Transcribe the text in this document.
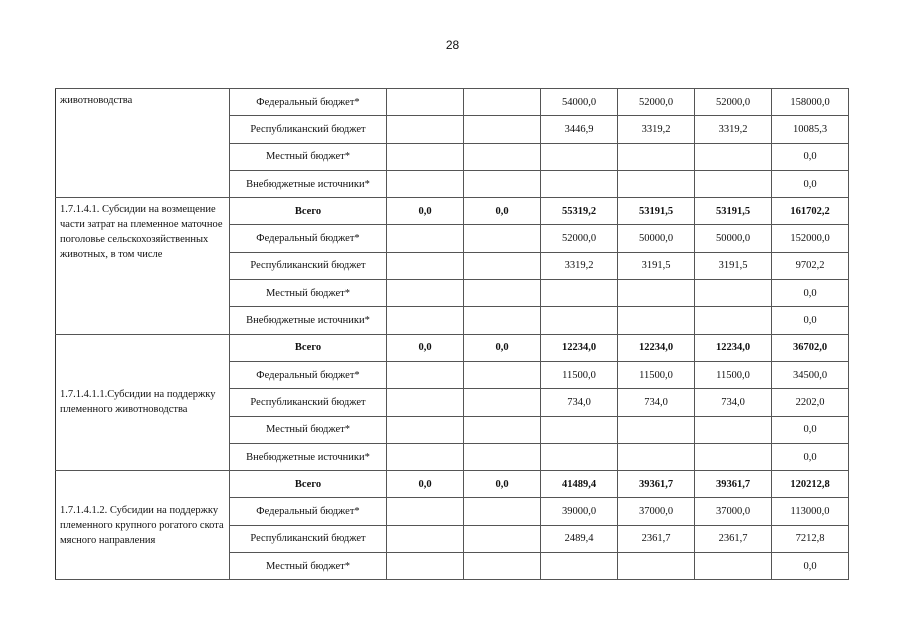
28
животноводства	Федеральный бюджет*			54000,0	52000,0	52000,0	158000,0
	Республиканский бюджет			3446,9	3319,2	3319,2	10085,3
	Местный бюджет*						0,0
	Внебюджетные источники*						0,0
1.7.1.4.1. Субсидии на возмещение части затрат на племенное маточное поголовье сельскохозяйственных животных, в том числе	Всего	0,0	0,0	55319,2	53191,5	53191,5	161702,2
	Федеральный бюджет*			52000,0	50000,0	50000,0	152000,0
	Республиканский бюджет			3319,2	3191,5	3191,5	9702,2
	Местный бюджет*						0,0
	Внебюджетные источники*						0,0
1.7.1.4.1.1.Субсидии на поддержку племенного животноводства	Всего	0,0	0,0	12234,0	12234,0	12234,0	36702,0
	Федеральный бюджет*			11500,0	11500,0	11500,0	34500,0
	Республиканский бюджет			734,0	734,0	734,0	2202,0
	Местный бюджет*						0,0
	Внебюджетные источники*						0,0
1.7.1.4.1.2. Субсидии на поддержку племенного крупного рогатого скота мясного направления	Всего	0,0	0,0	41489,4	39361,7	39361,7	120212,8
	Федеральный бюджет*			39000,0	37000,0	37000,0	113000,0
	Республиканский бюджет			2489,4	2361,7	2361,7	7212,8
	Местный бюджет*						0,0
